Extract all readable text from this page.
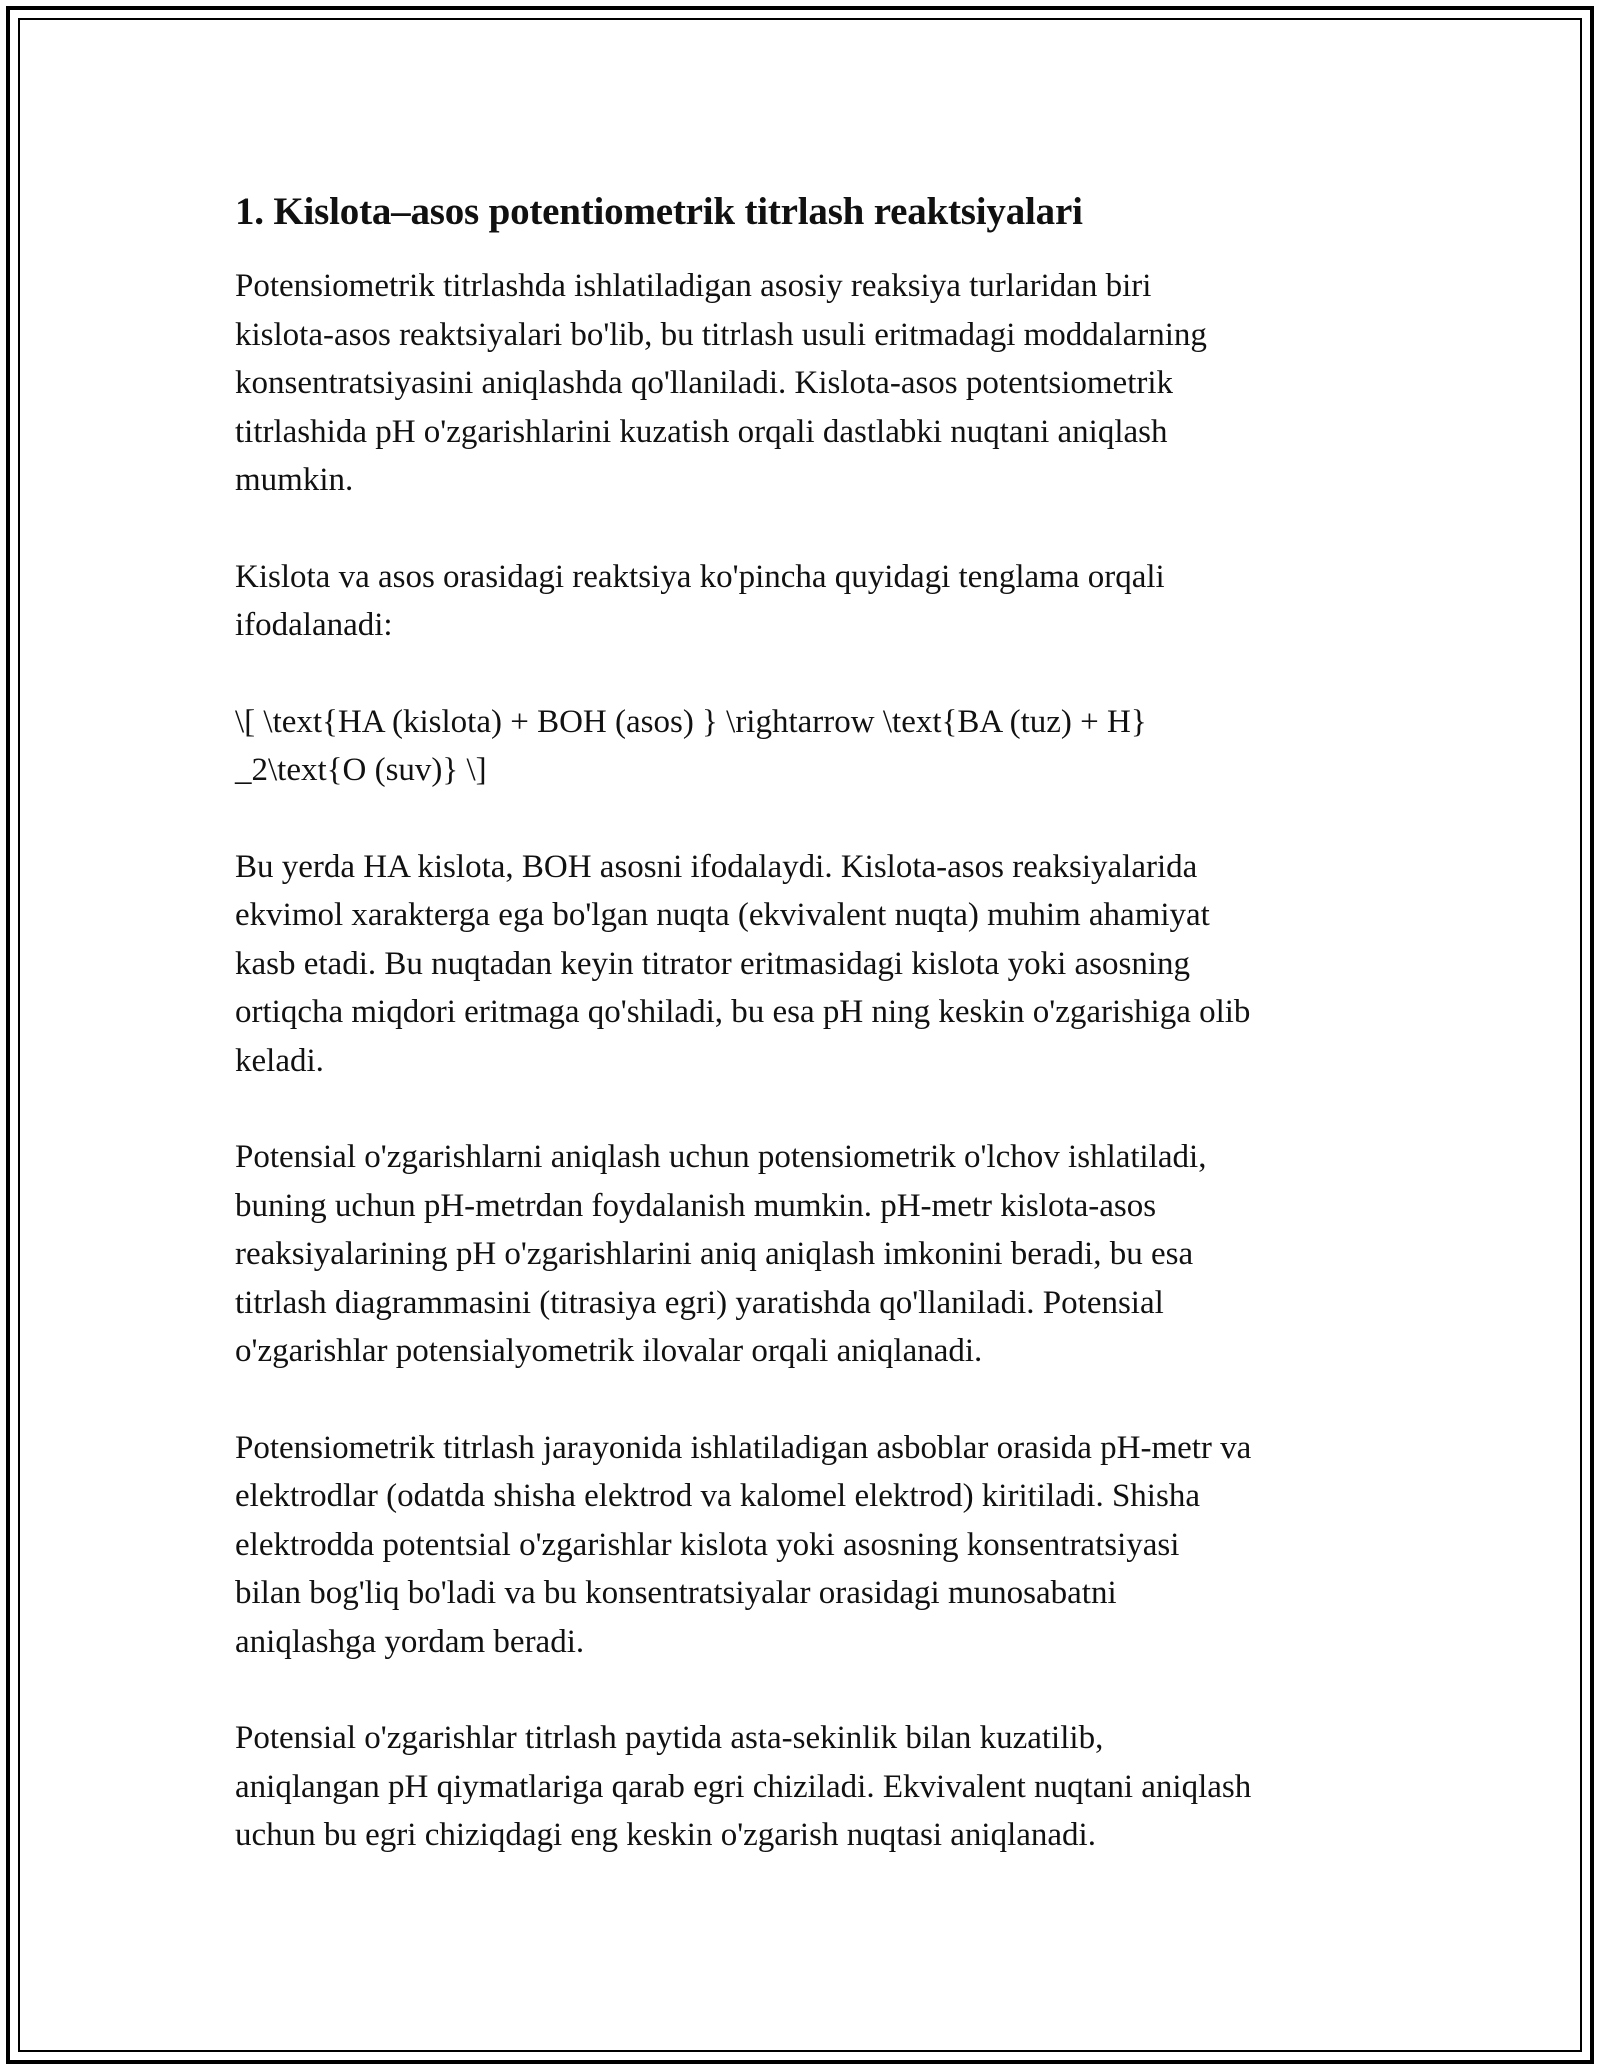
1. Kislota–asos potentiometrik titrlash reaktsiyalari

Potensiometrik titrlashda ishlatiladigan asosiy reaksiya turlaridan biri
kislota-asos reaktsiyalari bo'lib, bu titrlash usuli eritmadagi moddalarning
konsentratsiyasini aniqlashda qo'llaniladi. Kislota-asos potentsiometrik
titrlashida pH o'zgarishlarini kuzatish orqali dastlabki nuqtani aniqlash
mumkin.

Kislota va asos orasidagi reaktsiya ko'pincha quyidagi tenglama orqali
ifodalanadi:

\[ \text{HA (kislota) + BOH (asos) } \rightarrow \text{BA (tuz) + H}
_2\text{O (suv)} \]

Bu yerda HA kislota, BOH asosni ifodalaydi. Kislota-asos reaksiyalarida
ekvimol xarakterga ega bo'lgan nuqta (ekvivalent nuqta) muhim ahamiyat
kasb etadi. Bu nuqtadan keyin titrator eritmasidagi kislota yoki asosning
ortiqcha miqdori eritmaga qo'shiladi, bu esa pH ning keskin o'zgarishiga olib
keladi.

Potensial o'zgarishlarni aniqlash uchun potensiometrik o'lchov ishlatiladi,
buning uchun pH-metrdan foydalanish mumkin. pH-metr kislota-asos
reaksiyalarining pH o'zgarishlarini aniq aniqlash imkonini beradi, bu esa
titrlash diagrammasini (titrasiya egri) yaratishda qo'llaniladi. Potensial
o'zgarishlar potensialyometrik ilovalar orqali aniqlanadi.

Potensiometrik titrlash jarayonida ishlatiladigan asboblar orasida pH-metr va
elektrodlar (odatda shisha elektrod va kalomel elektrod) kiritiladi. Shisha
elektrodda potentsial o'zgarishlar kislota yoki asosning konsentratsiyasi
bilan bog'liq bo'ladi va bu konsentratsiyalar orasidagi munosabatni
aniqlashga yordam beradi.

Potensial o'zgarishlar titrlash paytida asta-sekinlik bilan kuzatilib,
aniqlangan pH qiymatlariga qarab egri chiziladi. Ekvivalent nuqtani aniqlash
uchun bu egri chiziqdagi eng keskin o'zgarish nuqtasi aniqlanadi.
